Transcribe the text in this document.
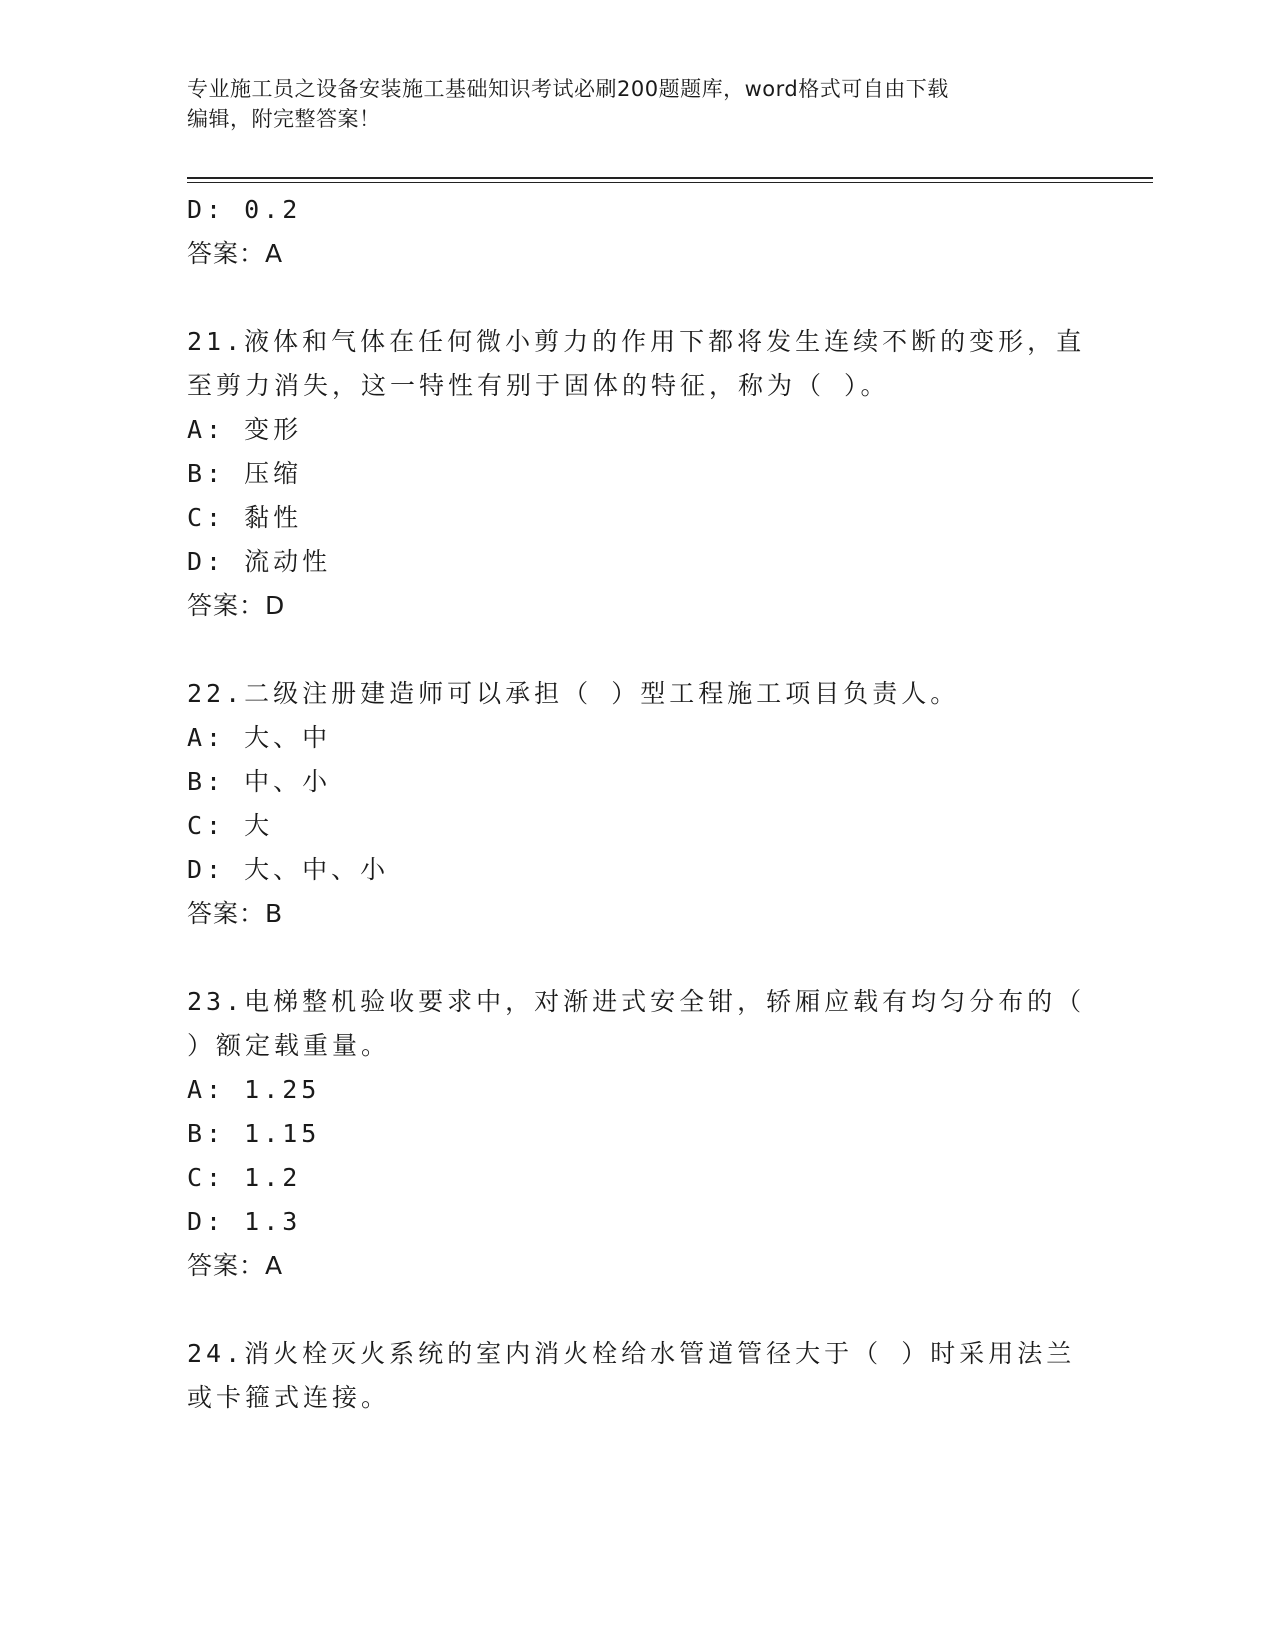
专业施工员之设备安装施工基础知识考试必刷200题题库，word格式可自由下载
编辑，附完整答案！
D: 0.2
答案：A
21.液体和气体在任何微小剪力的作用下都将发生连续不断的变形，直
至剪力消失，这一特性有别于固体的特征，称为（ ）。
A: 变形
B: 压缩
C: 黏性
D: 流动性
答案：D
22.二级注册建造师可以承担（ ）型工程施工项目负责人。
A: 大、中
B: 中、小
C: 大
D: 大、中、小
答案：B
23.电梯整机验收要求中，对渐进式安全钳，轿厢应载有均匀分布的（
）额定载重量。
A: 1.25
B: 1.15
C: 1.2
D: 1.3
答案：A
24.消火栓灭火系统的室内消火栓给水管道管径大于（ ）时采用法兰
或卡箍式连接。
